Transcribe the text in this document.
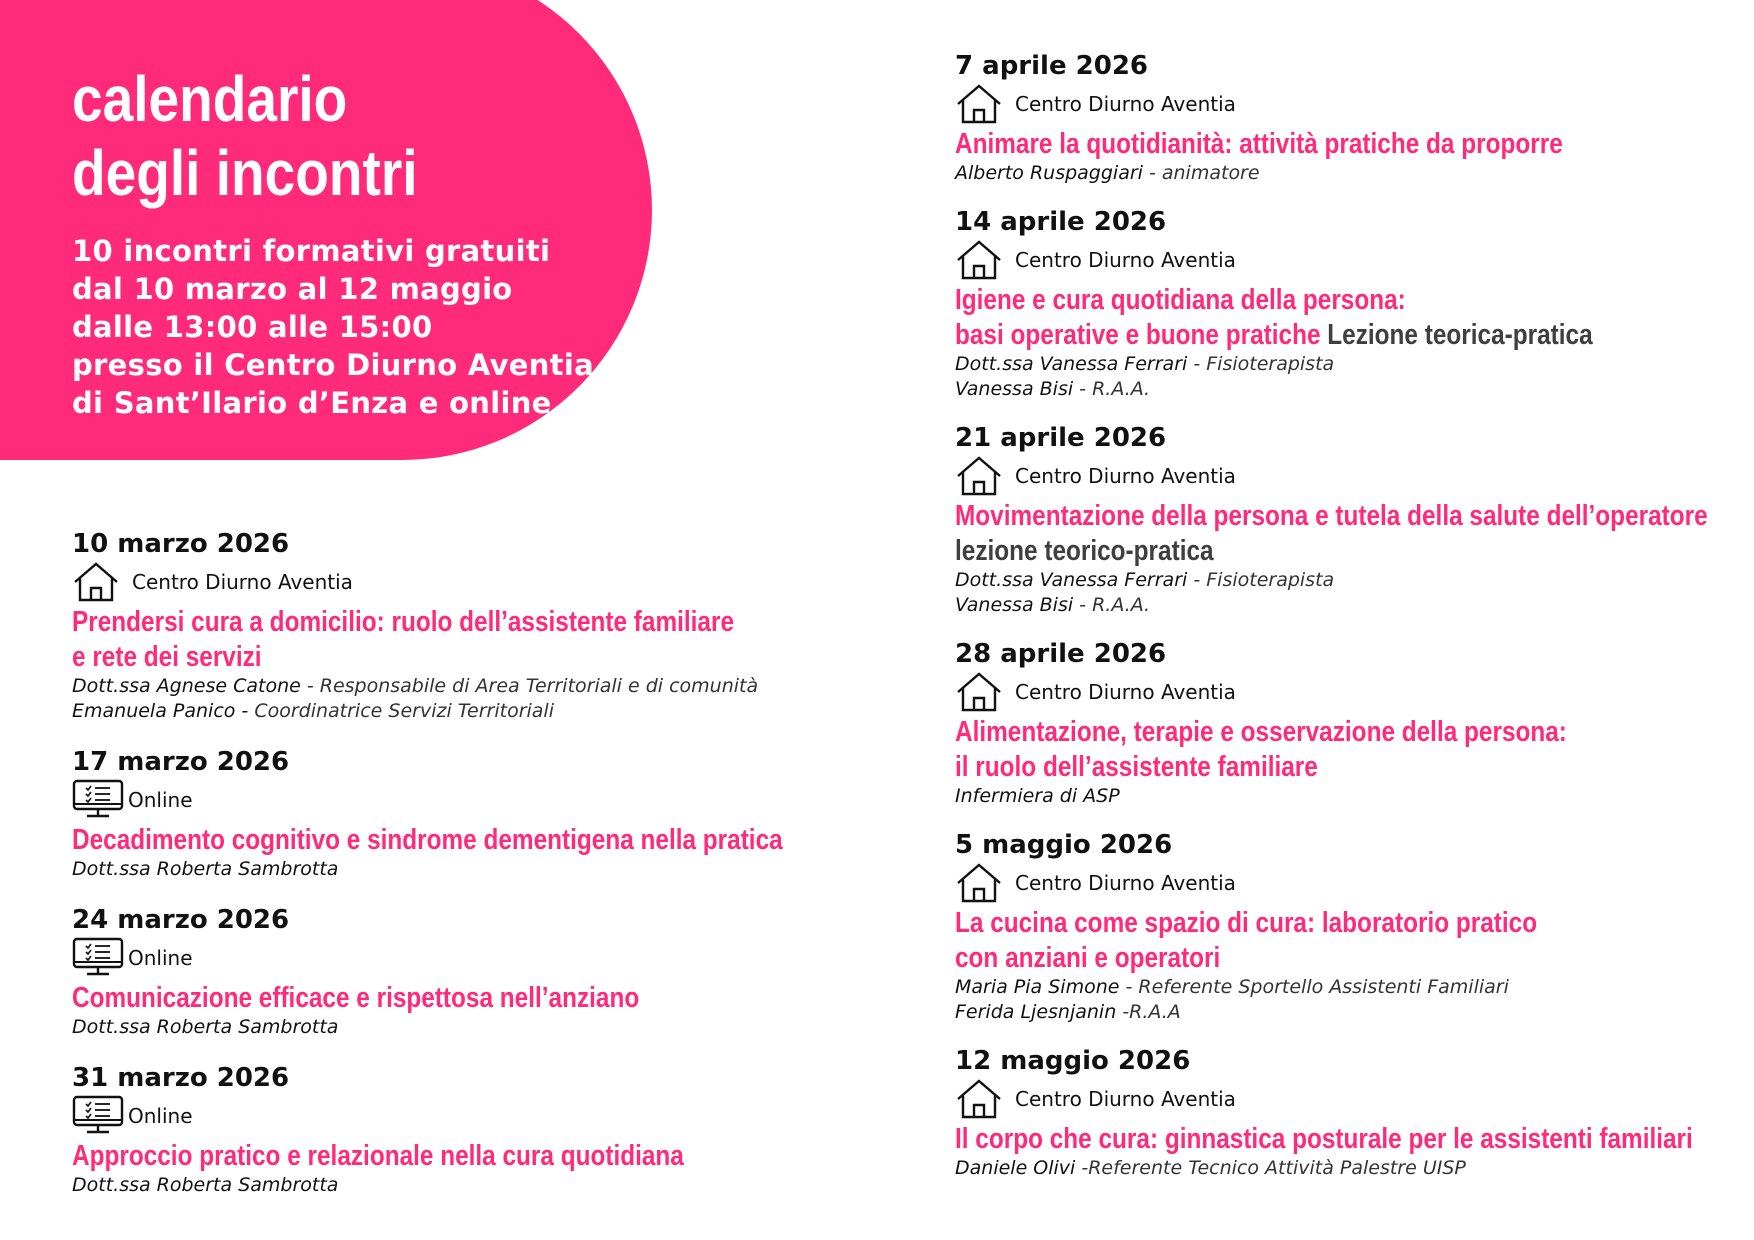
calendario
degli incontri
10 incontri formativi gratuiti
dal 10 marzo al 12 maggio
dalle 13:00 alle 15:00
presso il Centro Diurno Aventia
di Sant’Ilario d’Enza e online
10 marzo 2026
Centro Diurno Aventia
Prendersi cura a domicilio: ruolo dell’assistente familiare
e rete dei servizi
Dott.ssa Agnese Catone - Responsabile di Area Territoriali e di comunità
Emanuela Panico - Coordinatrice Servizi Territoriali
17 marzo 2026
Online
Decadimento cognitivo e sindrome dementigena nella pratica
Dott.ssa Roberta Sambrotta
24 marzo 2026
Online
Comunicazione efficace e rispettosa nell’anziano
Dott.ssa Roberta Sambrotta
31 marzo 2026
Online
Approccio pratico e relazionale nella cura quotidiana
Dott.ssa Roberta Sambrotta
7 aprile 2026
Centro Diurno Aventia
Animare la quotidianità: attività pratiche da proporre
Alberto Ruspaggiari - animatore
14 aprile 2026
Centro Diurno Aventia
Igiene e cura quotidiana della persona:
basi operative e buone pratiche Lezione teorica-pratica
Dott.ssa Vanessa Ferrari - Fisioterapista
Vanessa Bisi - R.A.A.
21 aprile 2026
Centro Diurno Aventia
Movimentazione della persona e tutela della salute dell’operatore
lezione teorico-pratica
Dott.ssa Vanessa Ferrari - Fisioterapista
Vanessa Bisi - R.A.A.
28 aprile 2026
Centro Diurno Aventia
Alimentazione, terapie e osservazione della persona:
il ruolo dell’assistente familiare
Infermiera di ASP
5 maggio 2026
Centro Diurno Aventia
La cucina come spazio di cura: laboratorio pratico
con anziani e operatori
Maria Pia Simone - Referente Sportello Assistenti Familiari
Ferida Ljesnjanin -R.A.A
12 maggio 2026
Centro Diurno Aventia
Il corpo che cura: ginnastica posturale per le assistenti familiari
Daniele Olivi -Referente Tecnico Attività Palestre UISP
